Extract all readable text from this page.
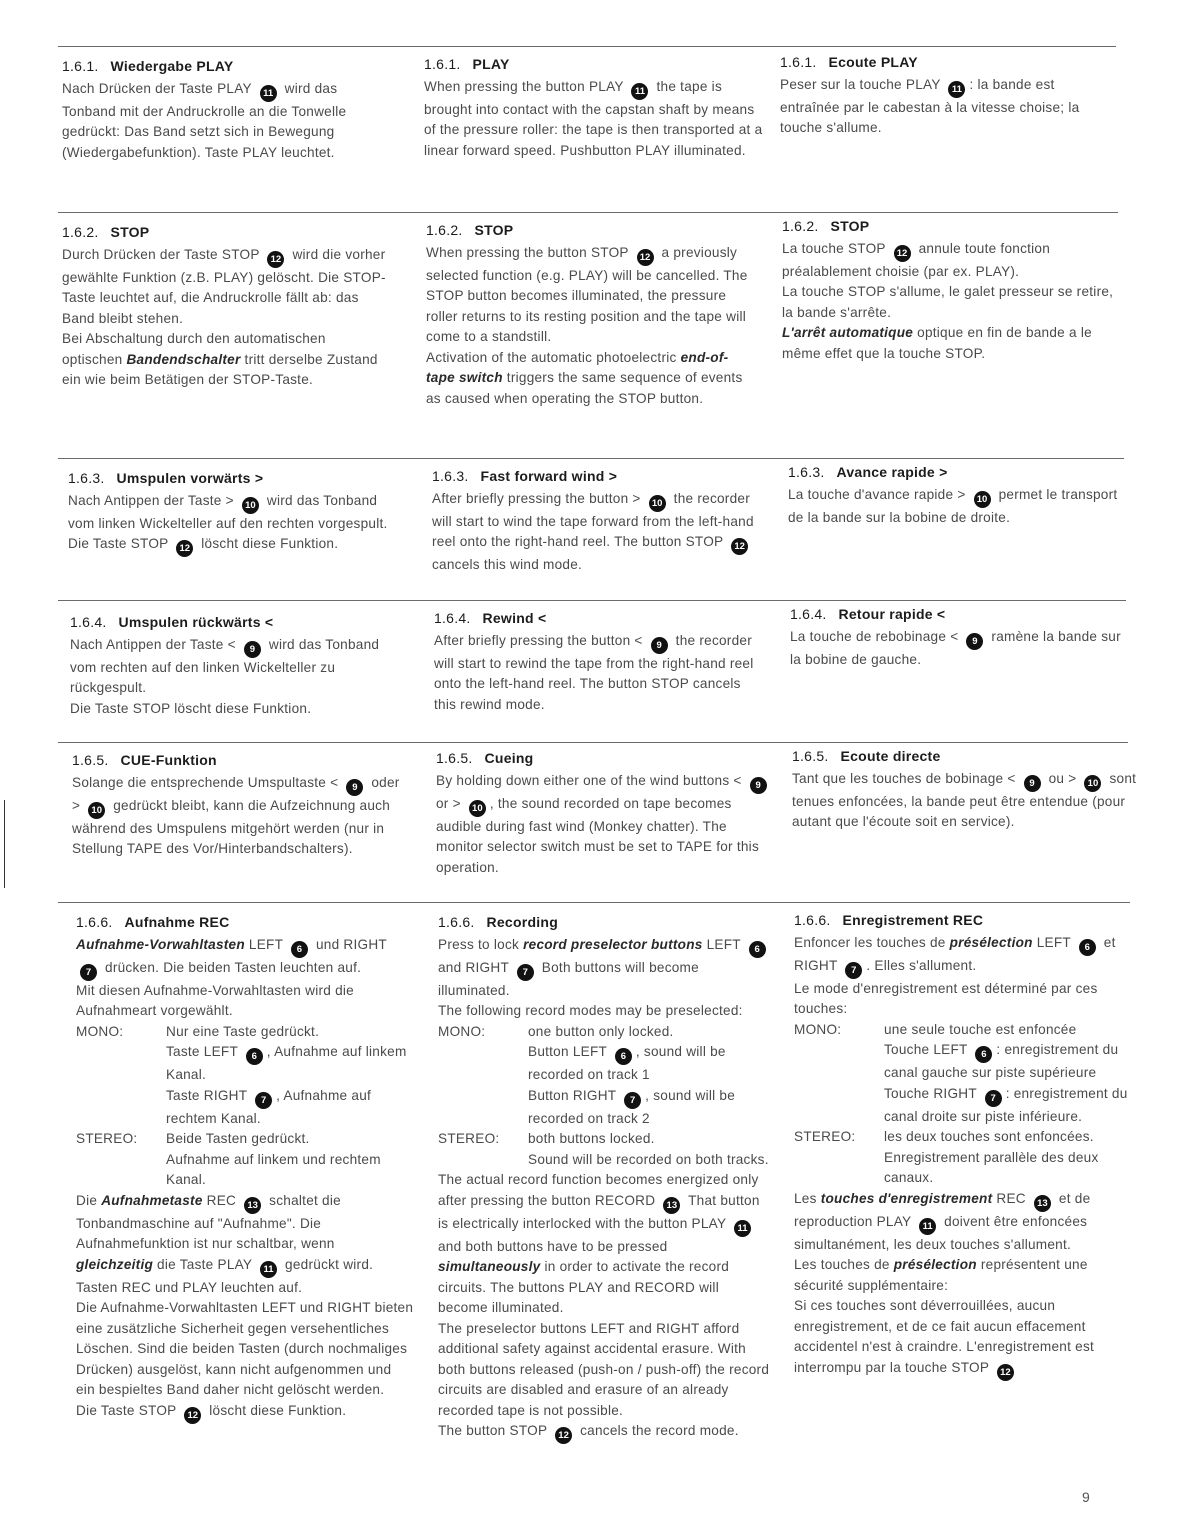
1.6.1. Wiedergabe PLAY

Nach Drücken der Taste PLAY 11 wird das Tonband mit der Andruckrolle an die Tonwelle gedrückt: Das Band setzt sich in Bewegung (Wiedergabefunktion). Taste PLAY leuchtet.

1.6.1. PLAY

When pressing the button PLAY 11 the tape is brought into contact with the capstan shaft by means of the pressure roller: the tape is then transported at a linear forward speed. Pushbutton PLAY illuminated.

1.6.1. Ecoute PLAY

Peser sur la touche PLAY 11 : la bande est entraînée par le cabestan à la vitesse choise; la touche s'allume.

1.6.2. STOP

Durch Drücken der Taste STOP 12 wird die vorher gewählte Funktion (z.B. PLAY) gelöscht. Die STOP-Taste leuchtet auf, die Andruckrolle fällt ab: das Band bleibt stehen.

Bei Abschaltung durch den automatischen optischen Bandendschalter tritt derselbe Zustand ein wie beim Betätigen der STOP-Taste.

1.6.2. STOP

When pressing the button STOP 12 a previously selected function (e.g. PLAY) will be cancelled. The STOP button becomes illuminated, the pressure roller returns to its resting position and the tape will come to a standstill.

Activation of the automatic photoelectric end-of-tape switch triggers the same sequence of events as caused when operating the STOP button.

1.6.2. STOP

La touche STOP 12 annule toute fonction préalablement choisie (par ex. PLAY).

La touche STOP s'allume, le galet presseur se retire, la bande s'arrête.

L'arrêt automatique optique en fin de bande a le même effet que la touche STOP.

1.6.3. Umspulen vorwärts >

Nach Antippen der Taste > 10 wird das Tonband vom linken Wickelteller auf den rechten vorgespult.

Die Taste STOP 12 löscht diese Funktion.

1.6.3. Fast forward wind >

After briefly pressing the button > 10 the recorder will start to wind the tape forward from the left-hand reel onto the right-hand reel. The button STOP 12 cancels this wind mode.

1.6.3. Avance rapide >

La touche d'avance rapide > 10 permet le transport de la bande sur la bobine de droite.

1.6.4. Umspulen rückwärts <

Nach Antippen der Taste < 9 wird das Tonband vom rechten auf den linken Wickelteller zu rückgespult.

Die Taste STOP löscht diese Funktion.

1.6.4. Rewind <

After briefly pressing the button < 9 the recorder will start to rewind the tape from the right-hand reel onto the left-hand reel. The button STOP cancels this rewind mode.

1.6.4. Retour rapide <

La touche de rebobinage < 9 ramène la bande sur la bobine de gauche.

1.6.5. CUE-Funktion

Solange die entsprechende Umspultaste < 9 oder > 10 gedrückt bleibt, kann die Aufzeichnung auch während des Umspulens mitgehört werden (nur in Stellung TAPE des Vor/Hinterbandschalters).

1.6.5. Cueing

By holding down either one of the wind buttons < 9 or > 10 , the sound recorded on tape becomes audible during fast wind (Monkey chatter). The monitor selector switch must be set to TAPE for this operation.

1.6.5. Ecoute directe

Tant que les touches de bobinage < 9 ou > 10 sont tenues enfoncées, la bande peut être entendue (pour autant que l'écoute soit en service).

1.6.6. Aufnahme REC

Aufnahme-Vorwahltasten LEFT 6 und RIGHT 7 drücken. Die beiden Tasten leuchten auf.

Mit diesen Aufnahme-Vorwahltasten wird die Aufnahmeart vorgewählt.

MONO:	Nur eine Taste gedrückt.

Taste LEFT 6 , Aufnahme auf linkem Kanal.

Taste RIGHT 7 , Aufnahme auf rechtem Kanal.

STEREO:	Beide Tasten gedrückt.

Aufnahme auf linkem und rechtem Kanal.

Die Aufnahmetaste REC 13 schaltet die Tonbandmaschine auf "Aufnahme". Die Aufnahmefunktion ist nur schaltbar, wenn gleichzeitig die Taste PLAY 11 gedrückt wird.

Tasten REC und PLAY leuchten auf.

Die Aufnahme-Vorwahltasten LEFT und RIGHT bieten eine zusätzliche Sicherheit gegen versehentliches Löschen. Sind die beiden Tasten (durch nochmaliges Drücken) ausgelöst, kann nicht aufgenommen und ein bespieltes Band daher nicht gelöscht werden.

Die Taste STOP 12 löscht diese Funktion.

1.6.6. Recording

Press to lock record preselector buttons LEFT 6 and RIGHT 7 Both buttons will become illuminated.

The following record modes may be preselected:

MONO:	one button only locked.

Button LEFT 6 , sound will be recorded on track 1

Button RIGHT 7 , sound will be recorded on track 2

STEREO:	both buttons locked.

Sound will be recorded on both tracks.

The actual record function becomes energized only after pressing the button RECORD 13 That button is electrically interlocked with the button PLAY 11 and both buttons have to be pressed simultaneously in order to activate the record circuits. The buttons PLAY and RECORD will become illuminated.

The preselector buttons LEFT and RIGHT afford additional safety against accidental erasure. With both buttons released (push-on / push-off) the record circuits are disabled and erasure of an already recorded tape is not possible.

The button STOP 12 cancels the record mode.

1.6.6. Enregistrement REC

Enfoncer les touches de présélection LEFT 6 et RIGHT 7 . Elles s'allument.

Le mode d'enregistrement est déterminé par ces touches:

MONO:	une seule touche est enfoncée

Touche LEFT 6 : enregistrement du canal gauche sur piste supérieure

Touche RIGHT 7 : enregistrement du canal droite sur piste inférieure.

STEREO:	les deux touches sont enfoncées.

Enregistrement parallèle des deux canaux.

Les touches d'enregistrement REC 13 et de reproduction PLAY 11 doivent être enfoncées simultanément, les deux touches s'allument.

Les touches de présélection représentent une sécurité supplémentaire:

Si ces touches sont déverrouillées, aucun enregistrement, et de ce fait aucun effacement accidentel n'est à craindre. L'enregistrement est interrompu par la touche STOP 12

9
